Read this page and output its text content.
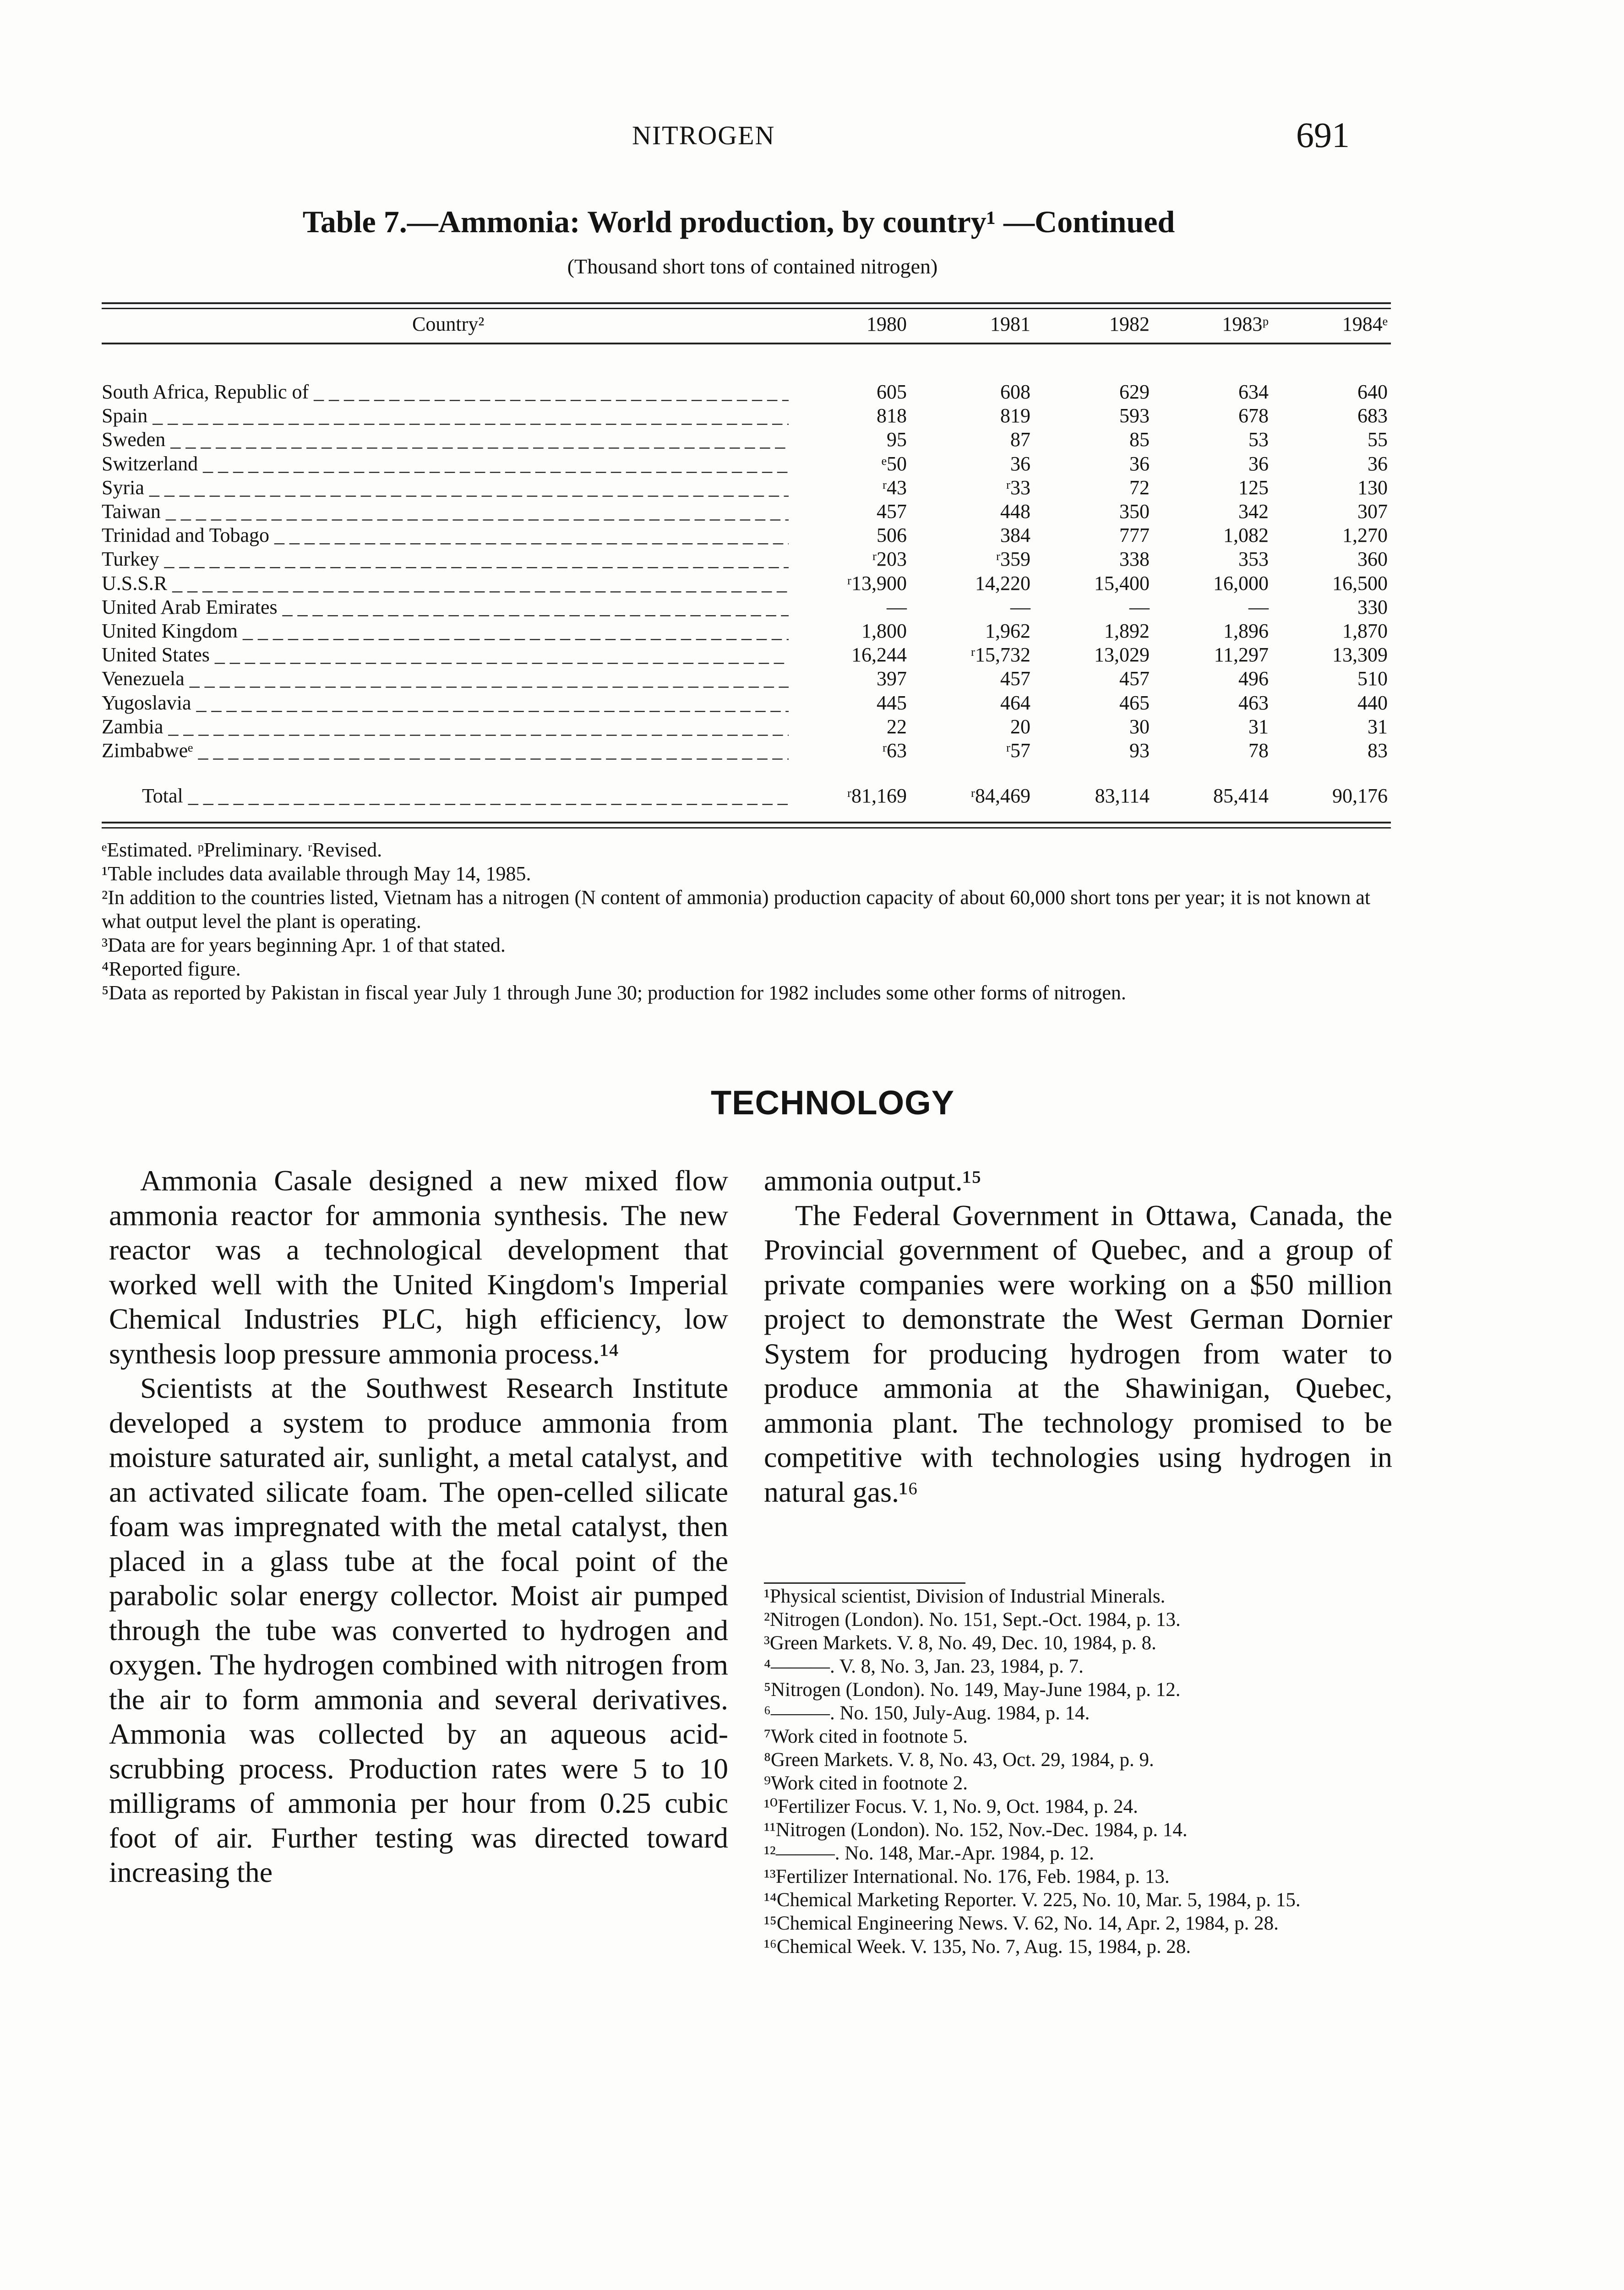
NITROGEN	691
Table 7.—Ammonia: World production, by country¹ —Continued
(Thousand short tons of contained nitrogen)
Country²	1980	1981	1982	1983ᵖ	1984ᵉ
South Africa, Republic of _ _ _	605	608	629	634	640
Spain _ _ _	818	819	593	678	683
Sweden _ _ _	95	87	85	53	55
Switzerland _ _ _	ᵉ50	36	36	36	36
Syria _ _ _	ʳ43	ʳ33	72	125	130
Taiwan _ _ _	457	448	350	342	307
Trinidad and Tobago _ _ _	506	384	777	1,082	1,270
Turkey _ _ _	ʳ203	ʳ359	338	353	360
U.S.S.R _ _ _	ʳ13,900	14,220	15,400	16,000	16,500
United Arab Emirates _ _ _	—	—	—	—	330
United Kingdom _ _ _	1,800	1,962	1,892	1,896	1,870
United States _ _ _	16,244	ʳ15,732	13,029	11,297	13,309
Venezuela _ _ _	397	457	457	496	510
Yugoslavia _ _ _	445	464	465	463	440
Zambia _ _ _	22	20	30	31	31
Zimbabweᵉ _ _ _	ʳ63	ʳ57	93	78	83
Total _ _ _	ʳ81,169	ʳ84,469	83,114	85,414	90,176

ᵉEstimated. ᵖPreliminary. ʳRevised.

¹Table includes data available through May 14, 1985.

²In addition to the countries listed, Vietnam has a nitrogen (N content of ammonia) production capacity of about 60,000 short tons per year; it is not known at what output level the plant is operating.

³Data are for years beginning Apr. 1 of that stated.

⁴Reported figure.

⁵Data as reported by Pakistan in fiscal year July 1 through June 30; production for 1982 includes some other forms of nitrogen.

TECHNOLOGY

Ammonia Casale designed a new mixed flow ammonia reactor for ammonia synthesis. The new reactor was a technological development that worked well with the United Kingdom's Imperial Chemical Industries PLC, high efficiency, low synthesis loop pressure ammonia process.¹⁴

Scientists at the Southwest Research Institute developed a system to produce ammonia from moisture saturated air, sunlight, a metal catalyst, and an activated silicate foam. The open-celled silicate foam was impregnated with the metal catalyst, then placed in a glass tube at the focal point of the parabolic solar energy collector. Moist air pumped through the tube was converted to hydrogen and oxygen. The hydrogen combined with nitrogen from the air to form ammonia and several derivatives. Ammonia was collected by an aqueous acid-scrubbing process. Production rates were 5 to 10 milligrams of ammonia per hour from 0.25 cubic foot of air. Further testing was directed toward increasing the

ammonia output.¹⁵

The Federal Government in Ottawa, Canada, the Provincial government of Quebec, and a group of private companies were working on a $50 million project to demonstrate the West German Dornier System for producing hydrogen from water to produce ammonia at the Shawinigan, Quebec, ammonia plant. The technology promised to be competitive with technologies using hydrogen in natural gas.¹⁶

¹Physical scientist, Division of Industrial Minerals.

²Nitrogen (London). No. 151, Sept.-Oct. 1984, p. 13.

³Green Markets. V. 8, No. 49, Dec. 10, 1984, p. 8.

⁴———. V. 8, No. 3, Jan. 23, 1984, p. 7.

⁵Nitrogen (London). No. 149, May-June 1984, p. 12.

⁶———. No. 150, July-Aug. 1984, p. 14.

⁷Work cited in footnote 5.

⁸Green Markets. V. 8, No. 43, Oct. 29, 1984, p. 9.

⁹Work cited in footnote 2.

¹⁰Fertilizer Focus. V. 1, No. 9, Oct. 1984, p. 24.

¹¹Nitrogen (London). No. 152, Nov.-Dec. 1984, p. 14.

¹²———. No. 148, Mar.-Apr. 1984, p. 12.

¹³Fertilizer International. No. 176, Feb. 1984, p. 13.

¹⁴Chemical Marketing Reporter. V. 225, No. 10, Mar. 5, 1984, p. 15.

¹⁵Chemical Engineering News. V. 62, No. 14, Apr. 2, 1984, p. 28.

¹⁶Chemical Week. V. 135, No. 7, Aug. 15, 1984, p. 28.
